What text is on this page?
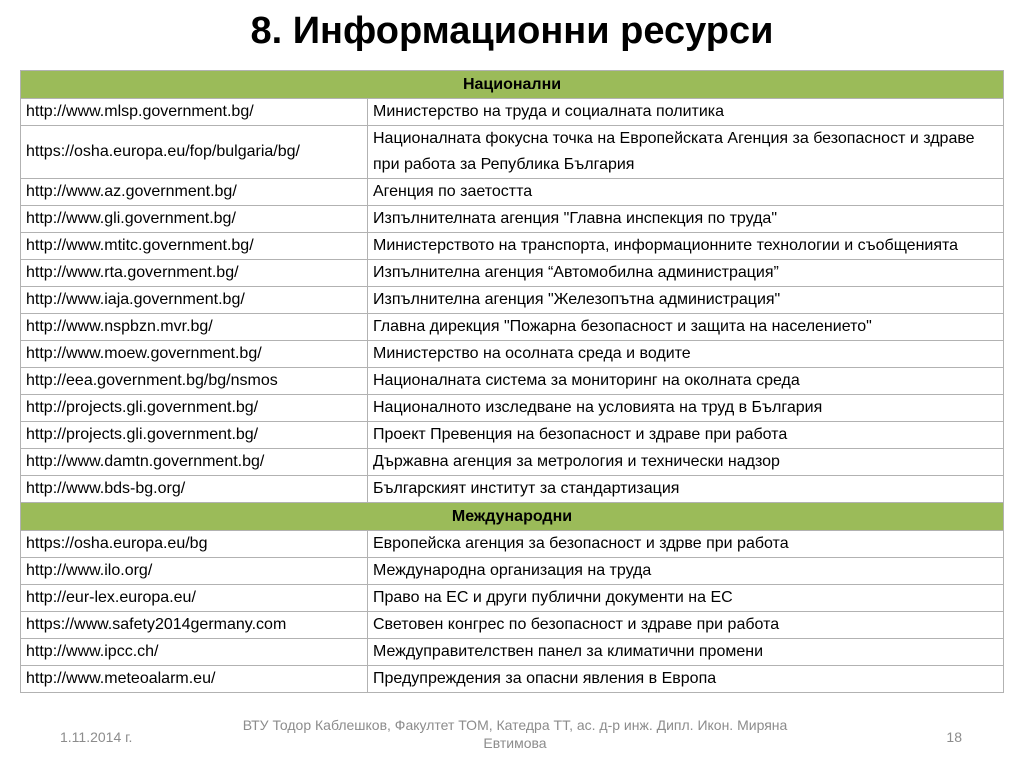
8. Информационни ресурси
Национални	
http://www.mlsp.government.bg/	Министерство на труда и социалната политика
https://osha.europa.eu/fop/bulgaria/bg/	Националната фокусна точка на Европейската Агенция за безопасност и здраве при работа за Република България
http://www.az.government.bg/	Агенция по заетостта
http://www.gli.government.bg/	Изпълнителната агенция "Главна инспекция по труда"
http://www.mtitc.government.bg/	Министерството на транспорта, информационните технологии и съобщенията
http://www.rta.government.bg/	Изпълнителна агенция “Автомобилна администрация”
http://www.iaja.government.bg/	Изпълнителна агенция "Железопътна администрация"
http://www.nspbzn.mvr.bg/	Главна дирекция "Пожарна безопасност и защита на населението"
http://www.moew.government.bg/	Министерство на осолната среда и водите
http://eea.government.bg/bg/nsmos	Националната система за мониторинг на околната среда
http://projects.gli.government.bg/	Националното изследване на условията на труд в България
http://projects.gli.government.bg/	Проект Превенция на безопасност и здраве при работа
http://www.damtn.government.bg/	Държавна агенция за метрология и технически надзор
http://www.bds-bg.org/	Българският институт за стандартизация
Международни	
https://osha.europa.eu/bg	Европейска агенция за безопасност и здрве при работа
http://www.ilo.org/	Международна организация на труда
http://eur-lex.europa.eu/	Право на ЕС и други публични документи на ЕС
https://www.safety2014germany.com	Световен конгрес по безопасност и здраве при работа
http://www.ipcc.ch/	Междуправителствен панел за климатични промени
http://www.meteoalarm.eu/	Предупреждения за опасни явления в Европа
1.11.2014 г.
ВТУ Тодор Каблешков, Факултет ТОМ, Катедра ТТ, ас. д-р инж. Дипл. Икон. Миряна Евтимова	18
